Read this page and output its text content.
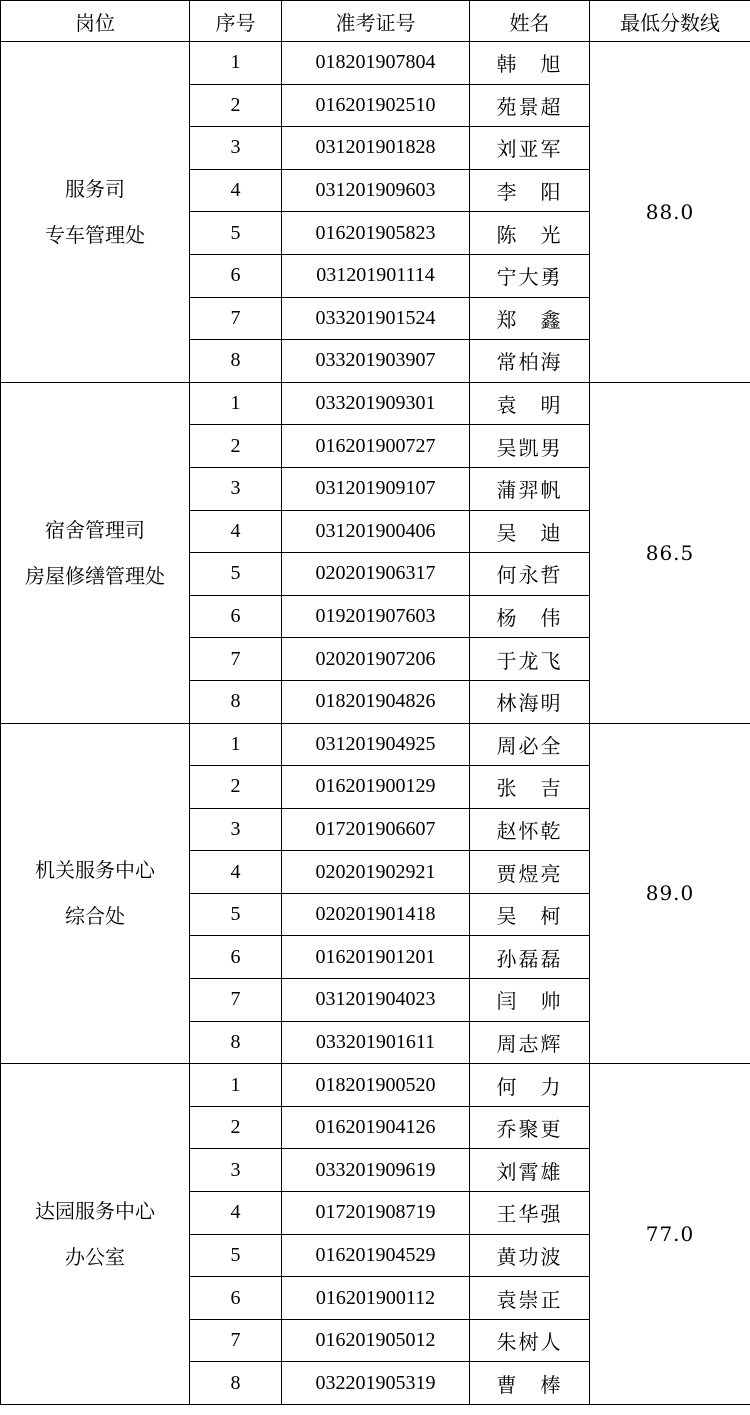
岗位	序号	准考证号	姓名	最低分数线

服务司
专车管理处	1	018201907804	韩　旭	88.0
	2	016201902510	苑景超	
	3	031201901828	刘亚军	
	4	031201909603	李　阳	
	5	016201905823	陈　光	
	6	031201901114	宁大勇	
	7	033201901524	郑　鑫	
	8	033201903907	常柏海	

宿舍管理司
房屋修缮管理处	1	033201909301	袁　明	86.5
	2	016201900727	吴凯男	
	3	031201909107	蒲羿帆	
	4	031201900406	吴　迪	
	5	020201906317	何永哲	
	6	019201907603	杨　伟	
	7	020201907206	于龙飞	
	8	018201904826	林海明	

机关服务中心
综合处	1	031201904925	周必全	89.0
	2	016201900129	张　吉	
	3	017201906607	赵怀乾	
	4	020201902921	贾煜亮	
	5	020201901418	吴　柯	
	6	016201901201	孙磊磊	
	7	031201904023	闫　帅	
	8	033201901611	周志辉	

达园服务中心
办公室	1	018201900520	何　力	77.0
	2	016201904126	乔聚更	
	3	033201909619	刘霄雄	
	4	017201908719	王华强	
	5	016201904529	黄功波	
	6	016201900112	袁崇正	
	7	016201905012	朱树人	
	8	032201905319	曹　棒	
